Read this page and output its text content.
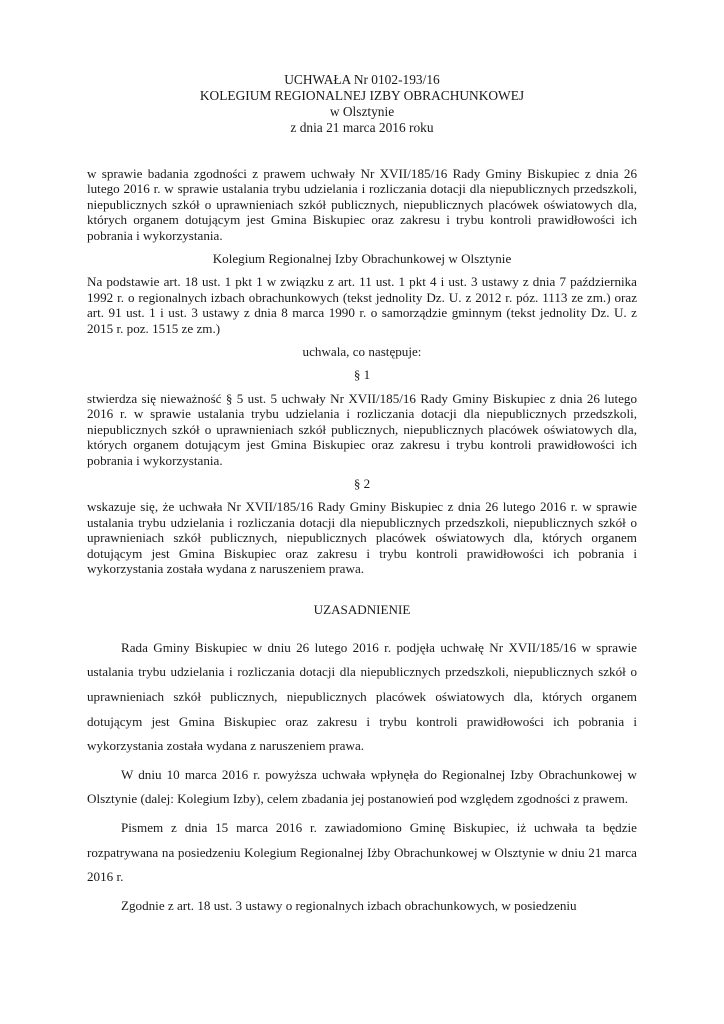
UCHWAŁA Nr 0102-193/16
KOLEGIUM REGIONALNEJ IZBY OBRACHUNKOWEJ
w Olsztynie
z dnia 21 marca 2016 roku

w sprawie badania zgodności z prawem uchwały Nr XVII/185/16 Rady Gminy Biskupiec z dnia 26 lutego 2016 r. w sprawie ustalania trybu udzielania i rozliczania dotacji dla niepublicznych przedszkoli, niepublicznych szkół o uprawnieniach szkół publicznych, niepublicznych placówek oświatowych dla, których organem dotującym jest Gmina Biskupiec oraz zakresu i trybu kontroli prawidłowości ich pobrania i wykorzystania.

Kolegium Regionalnej Izby Obrachunkowej w Olsztynie

Na podstawie art. 18 ust. 1 pkt 1 w związku z art. 11 ust. 1 pkt 4 i ust. 3 ustawy z dnia 7 października 1992 r. o regionalnych izbach obrachunkowych (tekst jednolity Dz. U. z 2012 r. póz. 1113 ze zm.) oraz art. 91 ust. 1 i ust. 3 ustawy z dnia 8 marca 1990 r. o samorządzie gminnym (tekst jednolity Dz. U. z 2015 r. poz. 1515 ze zm.)

uchwala, co następuje:

§ 1

stwierdza się nieważność § 5 ust. 5 uchwały Nr XVII/185/16 Rady Gminy Biskupiec z dnia 26 lutego 2016 r. w sprawie ustalania trybu udzielania i rozliczania dotacji dla niepublicznych przedszkoli, niepublicznych szkół o uprawnieniach szkół publicznych, niepublicznych placówek oświatowych dla, których organem dotującym jest Gmina Biskupiec oraz zakresu i trybu kontroli prawidłowości ich pobrania i wykorzystania.

§ 2

wskazuje się, że uchwała Nr XVII/185/16 Rady Gminy Biskupiec z dnia 26 lutego 2016 r. w sprawie ustalania trybu udzielania i rozliczania dotacji dla niepublicznych przedszkoli, niepublicznych szkół o uprawnieniach szkół publicznych, niepublicznych placówek oświatowych dla, których organem dotującym jest Gmina Biskupiec oraz zakresu i trybu kontroli prawidłowości ich pobrania i wykorzystania została wydana z naruszeniem prawa.

UZASADNIENIE

Rada Gminy Biskupiec w dniu 26 lutego 2016 r. podjęła uchwałę Nr XVII/185/16 w sprawie ustalania trybu udzielania i rozliczania dotacji dla niepublicznych przedszkoli, niepublicznych szkół o uprawnieniach szkół publicznych, niepublicznych placówek oświatowych dla, których organem dotującym jest Gmina Biskupiec oraz zakresu i trybu kontroli prawidłowości ich pobrania i wykorzystania została wydana z naruszeniem prawa.

W dniu 10 marca 2016 r. powyższa uchwała wpłynęła do Regionalnej Izby Obrachunkowej w Olsztynie (dalej: Kolegium Izby), celem zbadania jej postanowień pod względem zgodności z prawem.

Pismem z dnia 15 marca 2016 r. zawiadomiono Gminę Biskupiec, iż uchwała ta będzie rozpatrywana na posiedzeniu Kolegium Regionalnej Iżby Obrachunkowej w Olsztynie w dniu 21 marca 2016 r.

Zgodnie z art. 18 ust. 3 ustawy o regionalnych izbach obrachunkowych, w posiedzeniu
